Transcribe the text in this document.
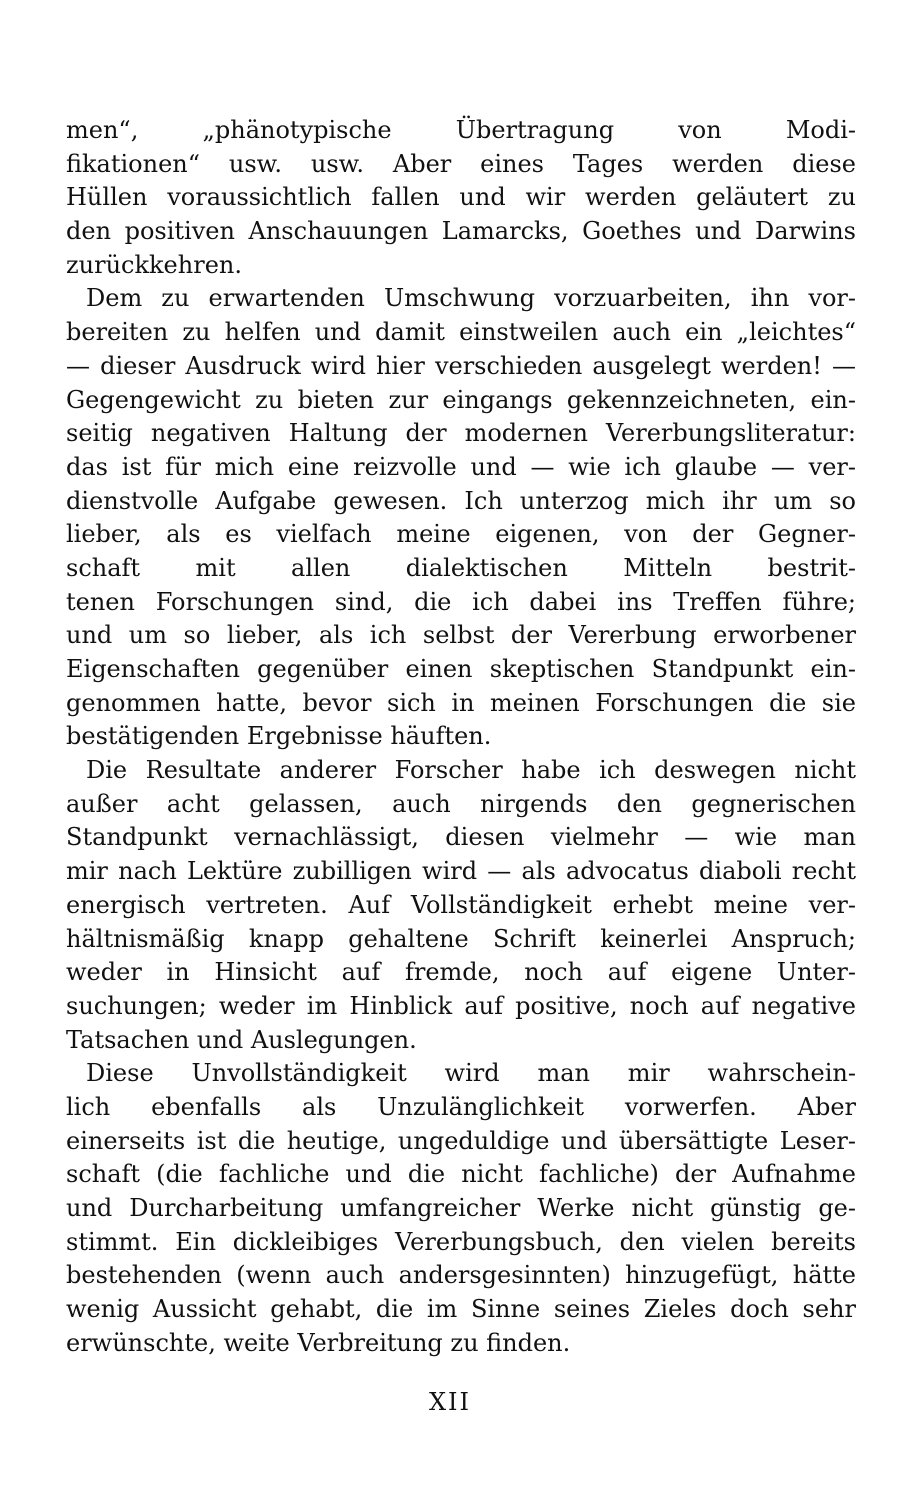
men“, „phänotypische Übertragung von Modi-
fikationen“ usw. usw. Aber eines Tages werden diese
Hüllen voraussichtlich fallen und wir werden geläutert zu
den positiven Anschauungen Lamarcks, Goethes und Darwins
zurückkehren.
Dem zu erwartenden Umschwung vorzuarbeiten, ihn vor-
bereiten zu helfen und damit einstweilen auch ein „leichtes“
— dieser Ausdruck wird hier verschieden ausgelegt werden! —
Gegengewicht zu bieten zur eingangs gekennzeichneten, ein-
seitig negativen Haltung der modernen Vererbungsliteratur:
das ist für mich eine reizvolle und — wie ich glaube — ver-
dienstvolle Aufgabe gewesen. Ich unterzog mich ihr um so
lieber, als es vielfach meine eigenen, von der Gegner-
schaft mit allen dialektischen Mitteln bestrit-
tenen Forschungen sind, die ich dabei ins Treffen führe;
und um so lieber, als ich selbst der Vererbung erworbener
Eigenschaften gegenüber einen skeptischen Standpunkt ein-
genommen hatte, bevor sich in meinen Forschungen die sie
bestätigenden Ergebnisse häuften.
Die Resultate anderer Forscher habe ich deswegen nicht
außer acht gelassen, auch nirgends den gegnerischen
Standpunkt vernachlässigt, diesen vielmehr — wie man
mir nach Lektüre zubilligen wird — als advocatus diaboli recht
energisch vertreten. Auf Vollständigkeit erhebt meine ver-
hältnismäßig knapp gehaltene Schrift keinerlei Anspruch;
weder in Hinsicht auf fremde, noch auf eigene Unter-
suchungen; weder im Hinblick auf positive, noch auf negative
Tatsachen und Auslegungen.
Diese Unvollständigkeit wird man mir wahrschein-
lich ebenfalls als Unzulänglichkeit vorwerfen. Aber
einerseits ist die heutige, ungeduldige und übersättigte Leser-
schaft (die fachliche und die nicht fachliche) der Aufnahme
und Durcharbeitung umfangreicher Werke nicht günstig ge-
stimmt. Ein dickleibiges Vererbungsbuch, den vielen bereits
bestehenden (wenn auch andersgesinnten) hinzugefügt, hätte
wenig Aussicht gehabt, die im Sinne seines Zieles doch sehr
erwünschte, weite Verbreitung zu finden.
XII
